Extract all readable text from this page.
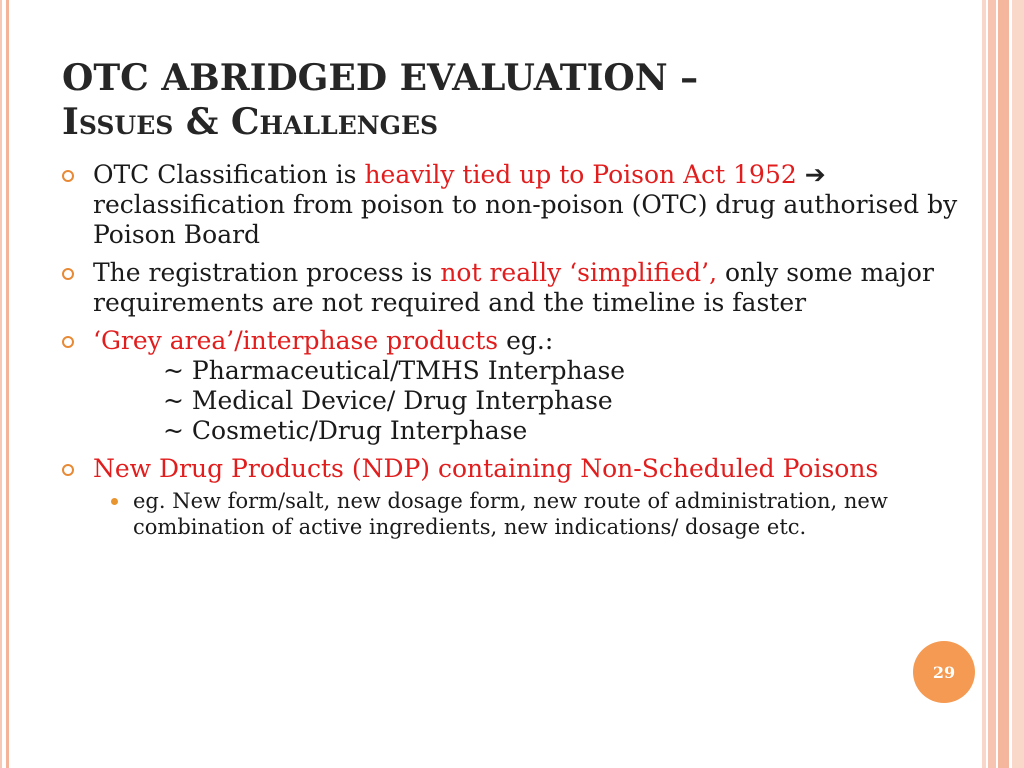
OTC ABRIDGED EVALUATION –
Issues & Challenges
OTC Classification is heavily tied up to Poison Act 1952 ➔ reclassification from poison to non-poison (OTC) drug authorised by Poison Board
The registration process is not really ‘simplified’, only some major requirements are not required and the timeline is faster
‘Grey area’/interphase products eg.:
~ Pharmaceutical/TMHS Interphase
~ Medical Device/ Drug Interphase
~ Cosmetic/Drug Interphase
New Drug Products (NDP) containing Non-Scheduled Poisons
eg. New form/salt, new dosage form, new route of administration, new combination of active ingredients, new indications/ dosage etc.
29
